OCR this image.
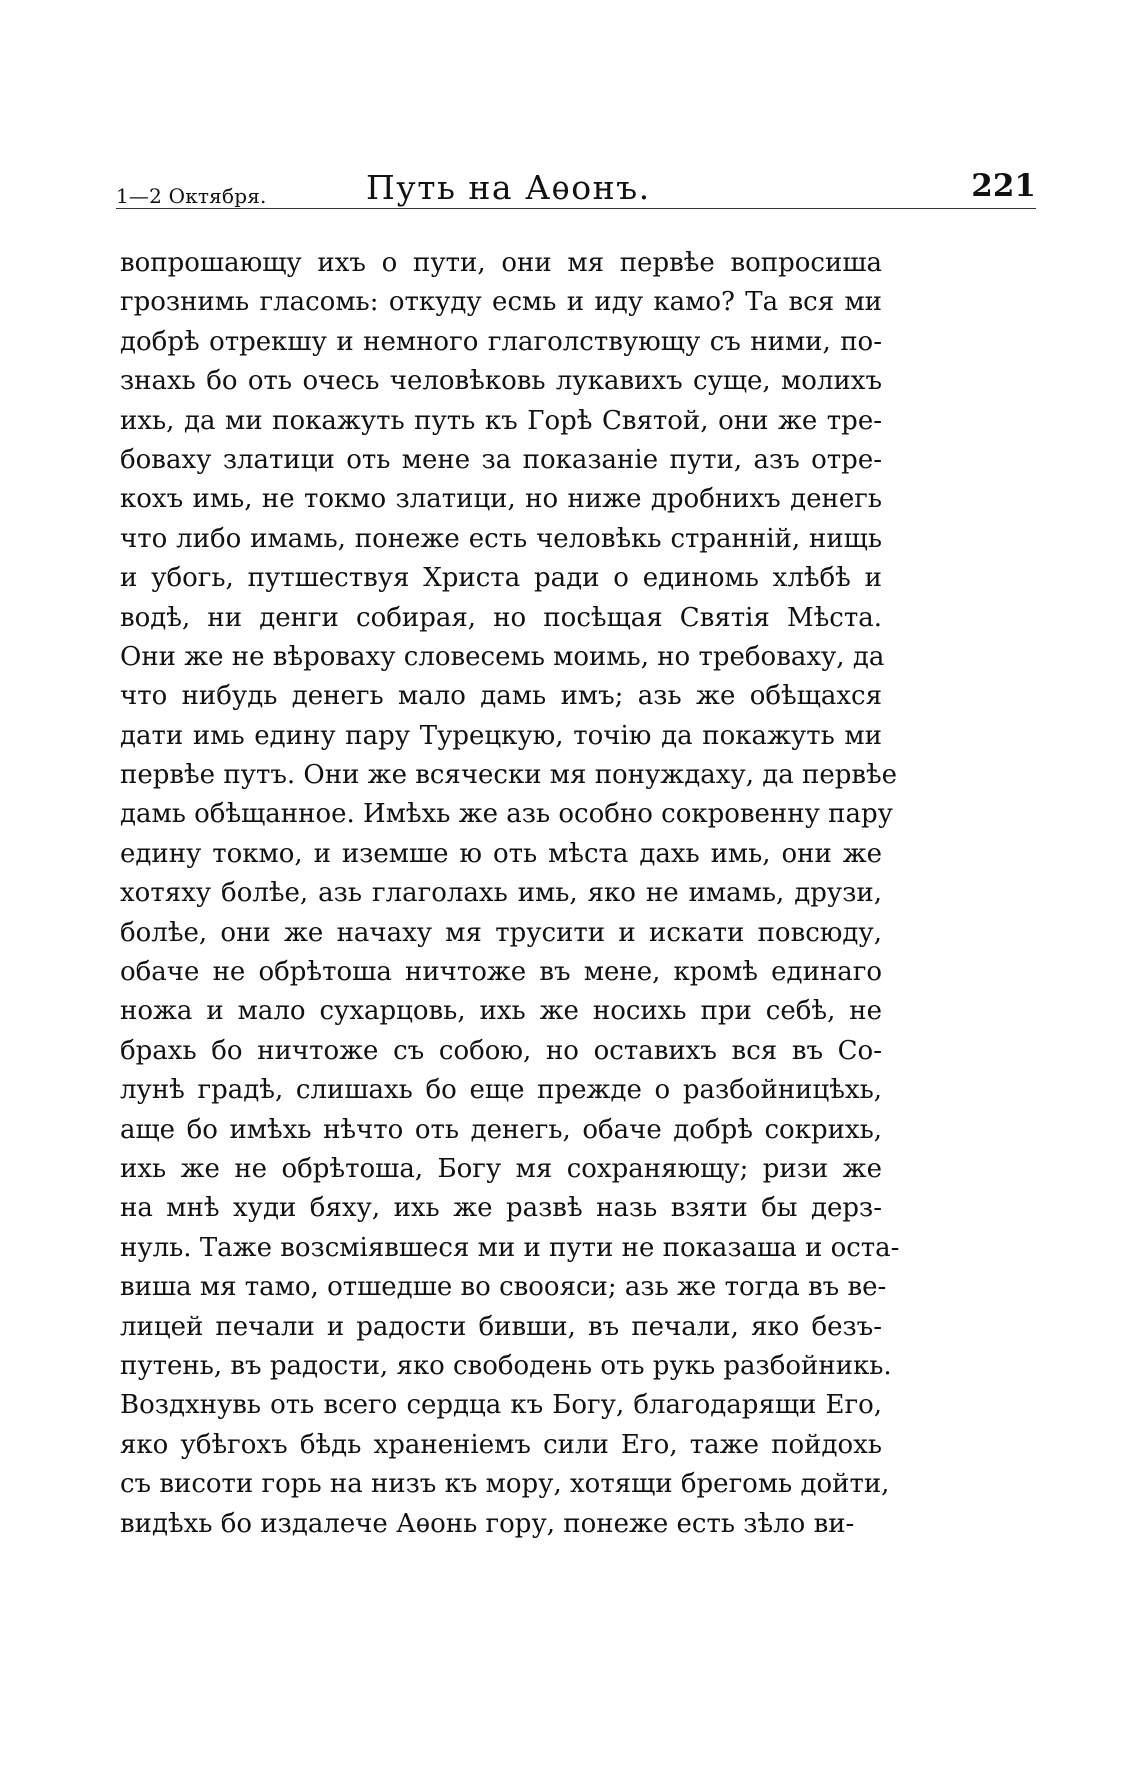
1—2 Октября.	Путь на Аѳонъ.	221
вопрошающу ихъ о пути, они мя первѣе вопросиша
грознимь гласомь: откуду есмь и иду камо? Та вся ми
добрѣ отрекшу и немного глаголствующу съ ними, по-
знахь бо оть очесь человѣковь лукавихъ суще, молихъ
ихь, да ми покажуть путь къ Горѣ Святой, они же тре-
боваху златици оть мене за показаніе пути, азъ отре-
кохъ имь, не токмо златици, но ниже дробнихъ денегь
что либо имамь, понеже есть человѣкь странній, нищь
и убогь, путшествуя Христа ради о единомь хлѣбѣ и
водѣ, ни денги собирая, но посѣщая Святія Мѣста.
Они же не вѣроваху словесемь моимь, но требоваху, да
что нибудь денегь мало дамь имъ; азь же обѣщахся
дати имь едину пару Турецкую, точію да покажуть ми
первѣе путъ. Они же всячески мя понуждаху, да первѣе
дамь обѣщанное. Имѣхь же азь особно сокровенну пару
едину токмо, и иземше ю оть мѣста дахь имь, они же
хотяху болѣе, азь глаголахь имь, яко не имамь, друзи,
болѣе, они же начаху мя трусити и искати повсюду,
обаче не обрѣтоша ничтоже въ мене, кромѣ единаго
ножа и мало сухарцовь, ихь же носихь при себѣ, не
брахь бо ничтоже съ собою, но оставихъ вся въ Со-
лунѣ градѣ, слишахь бо еще прежде о разбойницѣхь,
аще бо имѣхь нѣчто оть денегь, обаче добрѣ сокрихь,
ихь же не обрѣтоша, Богу мя сохраняющу; ризи же
на мнѣ худи бяху, ихь же развѣ назь взяти бы дерз-
нуль. Таже возсміявшеся ми и пути не показаша и оста-
виша мя тамо, отшедше во своояси; азь же тогда въ ве-
лицей печали и радости бивши, въ печали, яко безъ-
путень, въ радости, яко свободень оть рукь разбойникь.
Воздхнувь оть всего сердца къ Богу, благодарящи Его,
яко убѣгохъ бѣдь храненіемъ сили Его, таже пойдохь
съ висоти горь на низъ къ мору, хотящи брегомь дойти,
видѣхь бо издалече Аѳонь гору, понеже есть зѣло ви-
